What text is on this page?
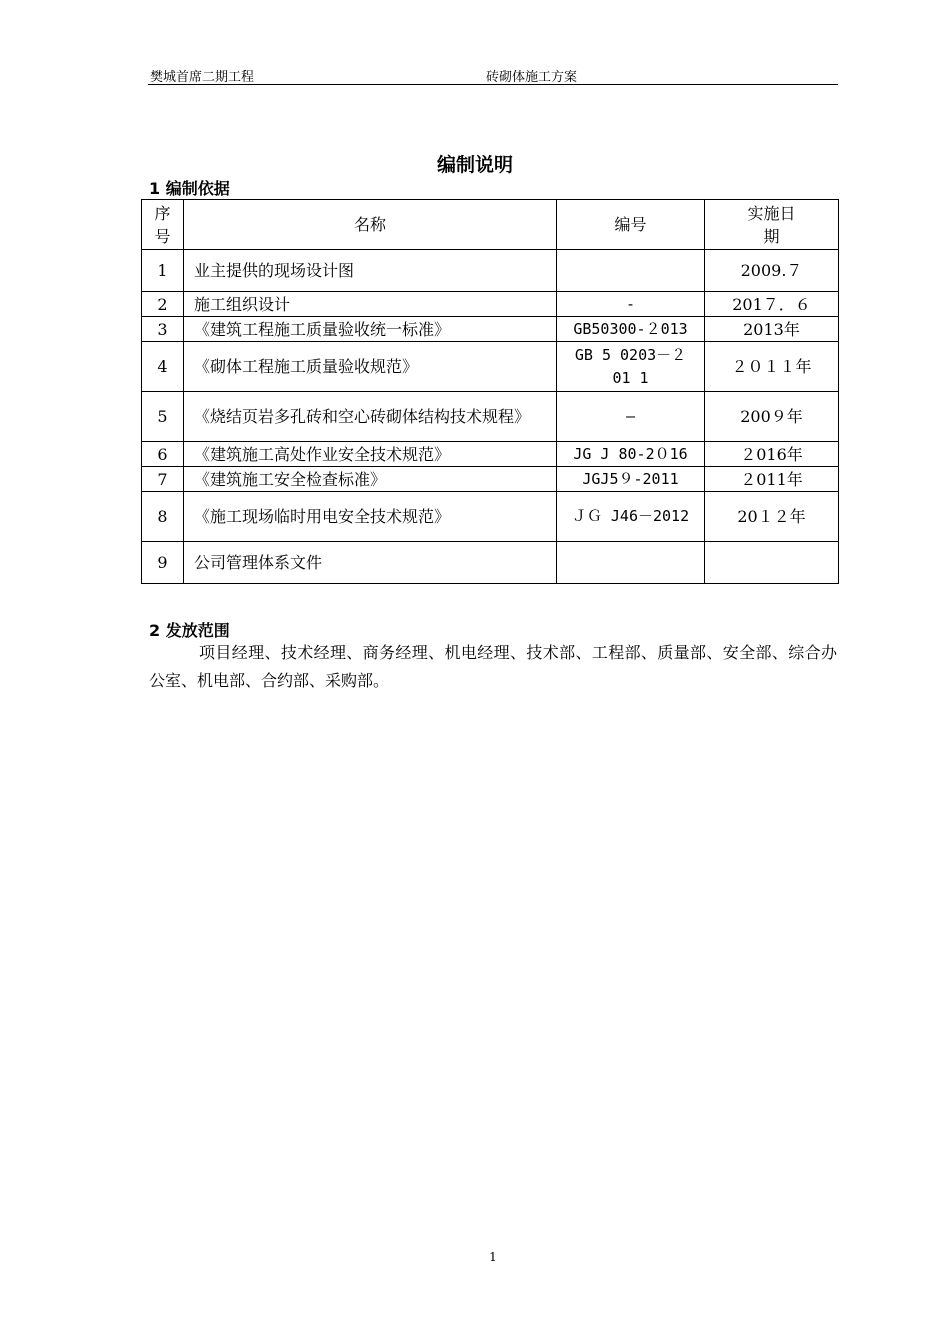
樊城首席二期工程	砖砌体施工方案
编制说明
1 编制依据
序号	名称	编号	实施日期
1	业主提供的现场设计图		2009.７
2	施工组织设计	-	201７．６
3	《建筑工程施工质量验收统一标准》	GB50300-２013	2013年
4	《砌体工程施工质量验收规范》	GB 5 0203－２01 1	２０１１年
5	《烧结页岩多孔砖和空心砖砌体结构技术规程》	—	200９年
6	《建筑施工高处作业安全技术规范》	JG J 80-2０16	２016年
7	《建筑施工安全检查标准》	JGJ5９-2011	２011年
8	《施工现场临时用电安全技术规范》	ＪＧ J46－2012	20１２年
9	公司管理体系文件		
2 发放范围
项目经理、技术经理、商务经理、机电经理、技术部、工程部、质量部、安全部、综合办公室、机电部、合约部、采购部。
1
